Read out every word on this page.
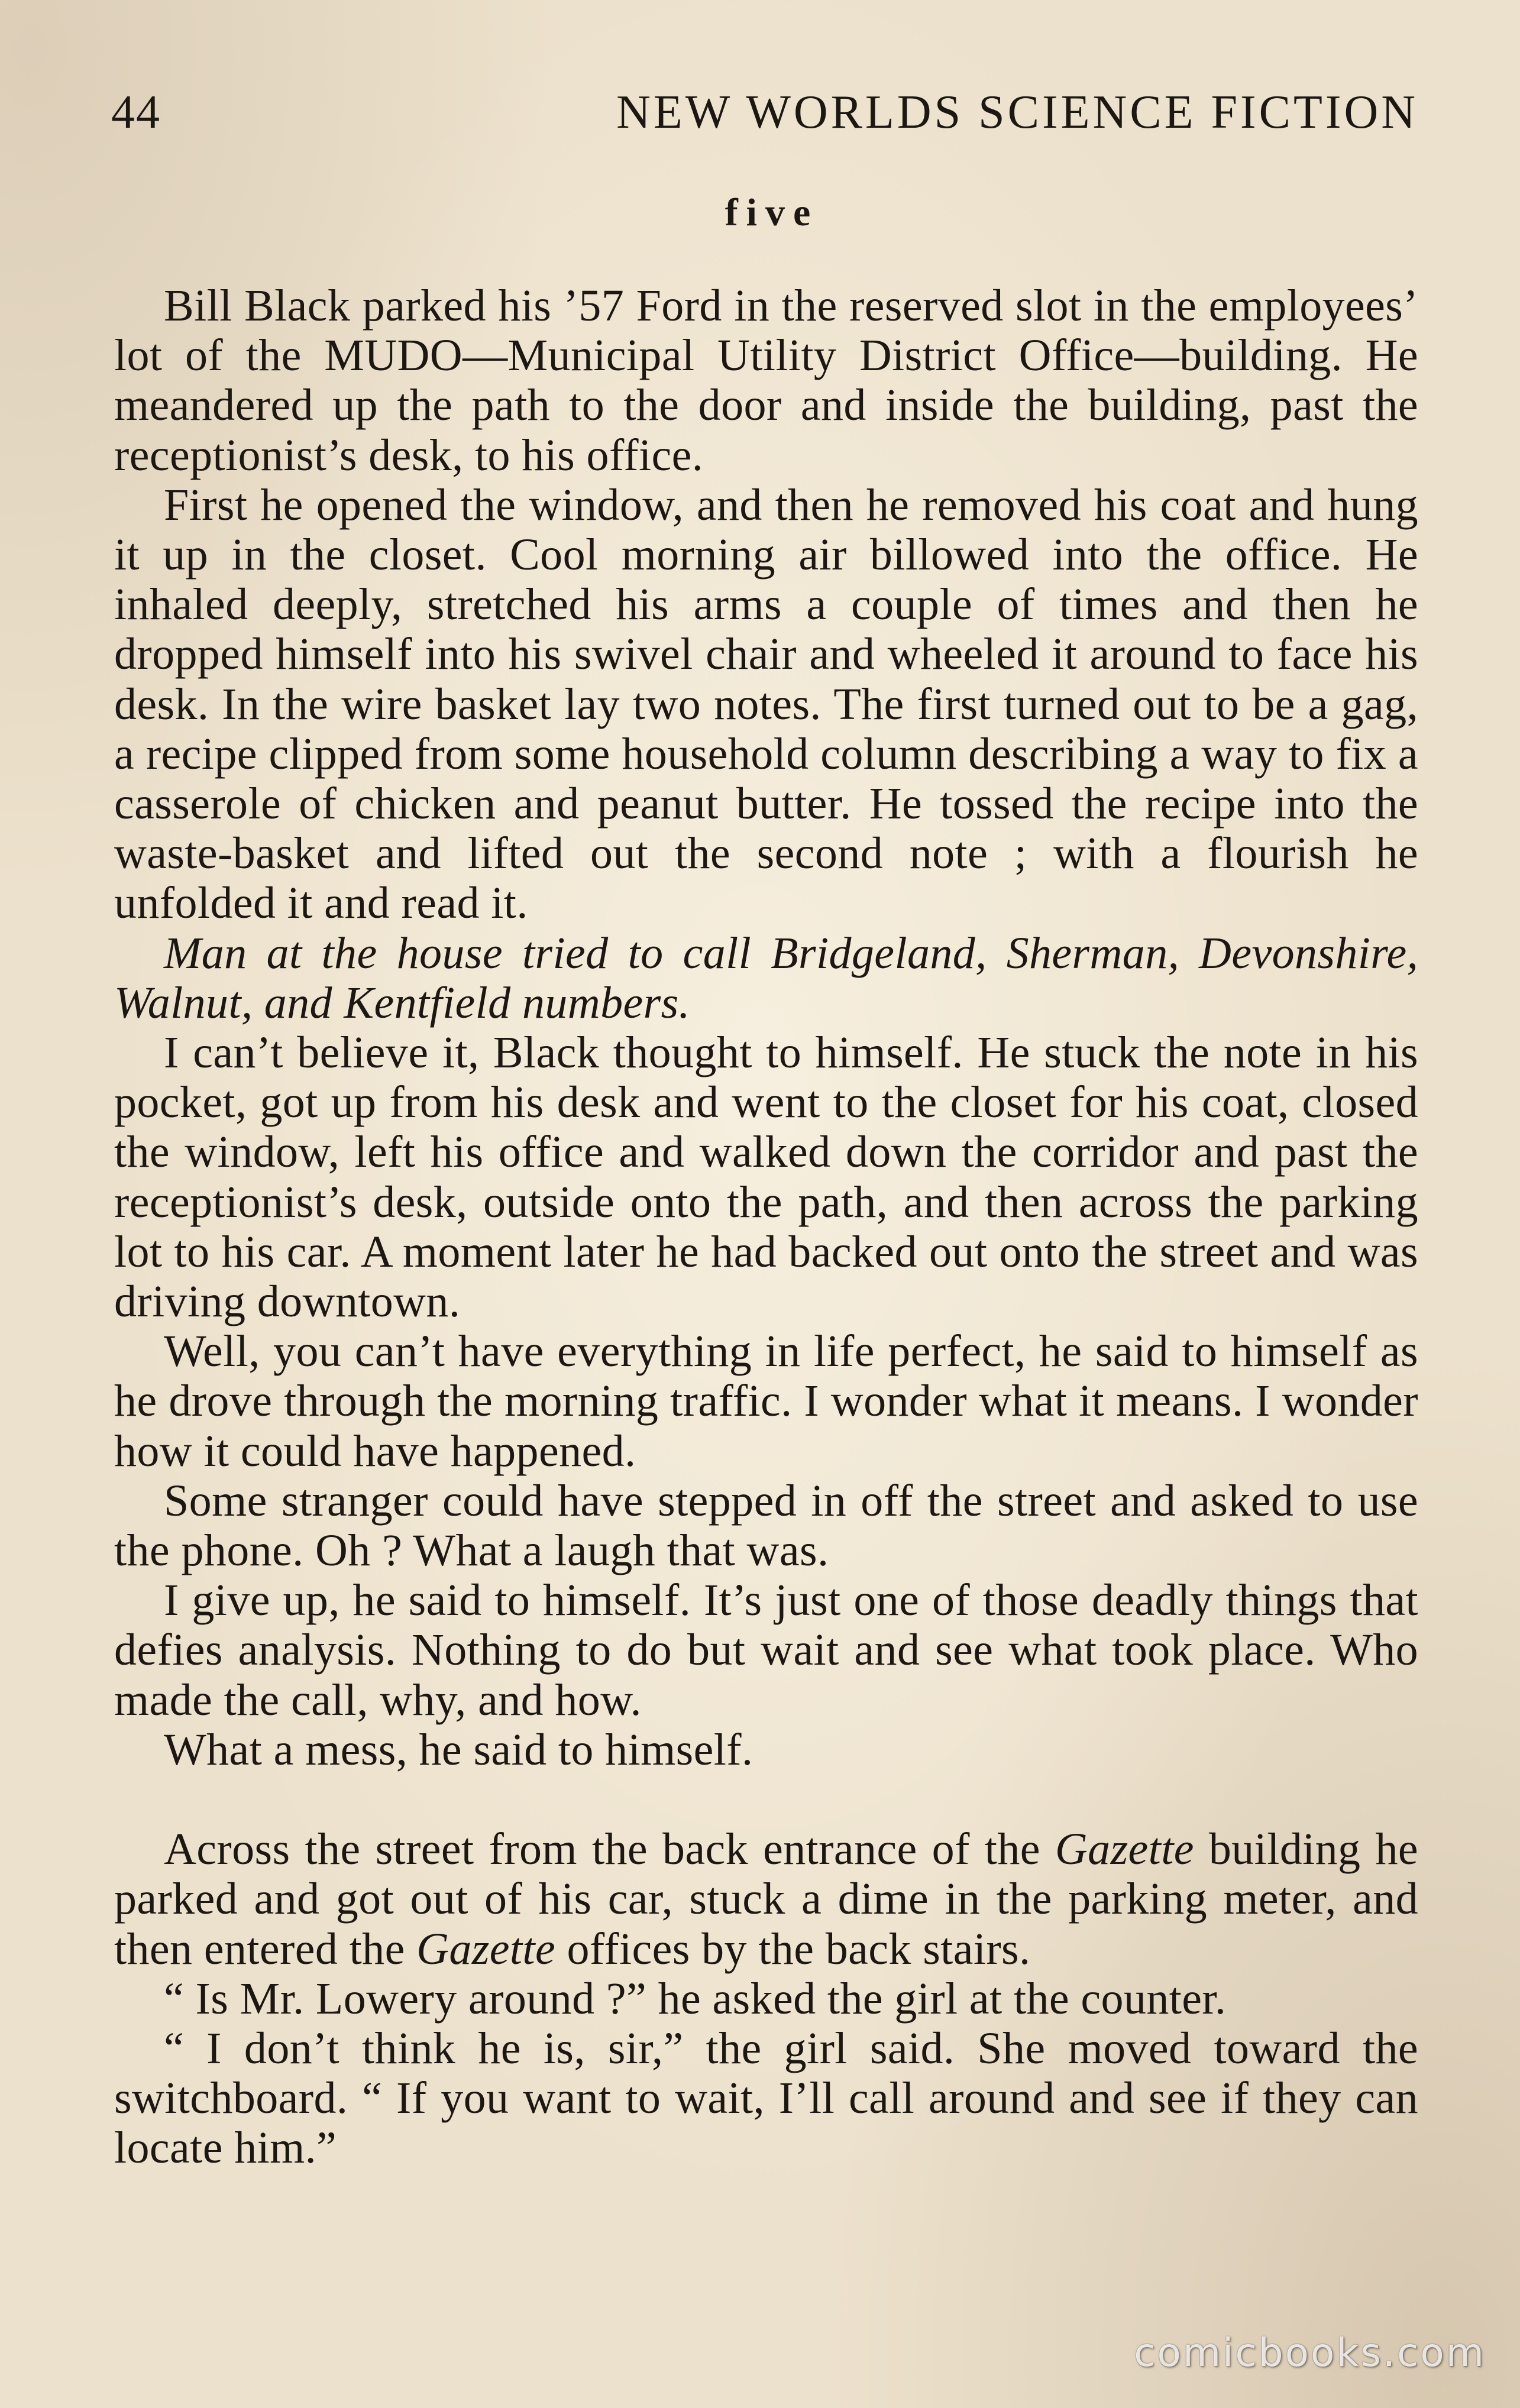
44	NEW WORLDS SCIENCE FICTION
five

Bill Black parked his ’57 Ford in the reserved slot in the employees’ lot of the MUDO—Municipal Utility District Office—building. He meandered up the path to the door and inside the building, past the receptionist’s desk, to his office.

First he opened the window, and then he removed his coat and hung it up in the closet. Cool morning air billowed into the office. He inhaled deeply, stretched his arms a couple of times and then he dropped himself into his swivel chair and wheeled it around to face his desk. In the wire basket lay two notes. The first turned out to be a gag, a recipe clipped from some household column describing a way to fix a casserole of chicken and peanut butter. He tossed the recipe into the waste-basket and lifted out the second note ; with a flourish he unfolded it and read it.

Man at the house tried to call Bridgeland, Sherman, Devonshire, Walnut, and Kentfield numbers.

I can’t believe it, Black thought to himself. He stuck the note in his pocket, got up from his desk and went to the closet for his coat, closed the window, left his office and walked down the corridor and past the receptionist’s desk, outside onto the path, and then across the parking lot to his car. A moment later he had backed out onto the street and was driving downtown.

Well, you can’t have everything in life perfect, he said to himself as he drove through the morning traffic. I wonder what it means. I wonder how it could have happened.

Some stranger could have stepped in off the street and asked to use the phone. Oh ? What a laugh that was.

I give up, he said to himself. It’s just one of those deadly things that defies analysis. Nothing to do but wait and see what took place. Who made the call, why, and how.

What a mess, he said to himself.

Across the street from the back entrance of the Gazette building he parked and got out of his car, stuck a dime in the parking meter, and then entered the Gazette offices by the back stairs.

“ Is Mr. Lowery around ?” he asked the girl at the counter.

“ I don’t think he is, sir,” the girl said. She moved toward the switchboard. “ If you want to wait, I’ll call around and see if they can locate him.”

comicbooks.com
